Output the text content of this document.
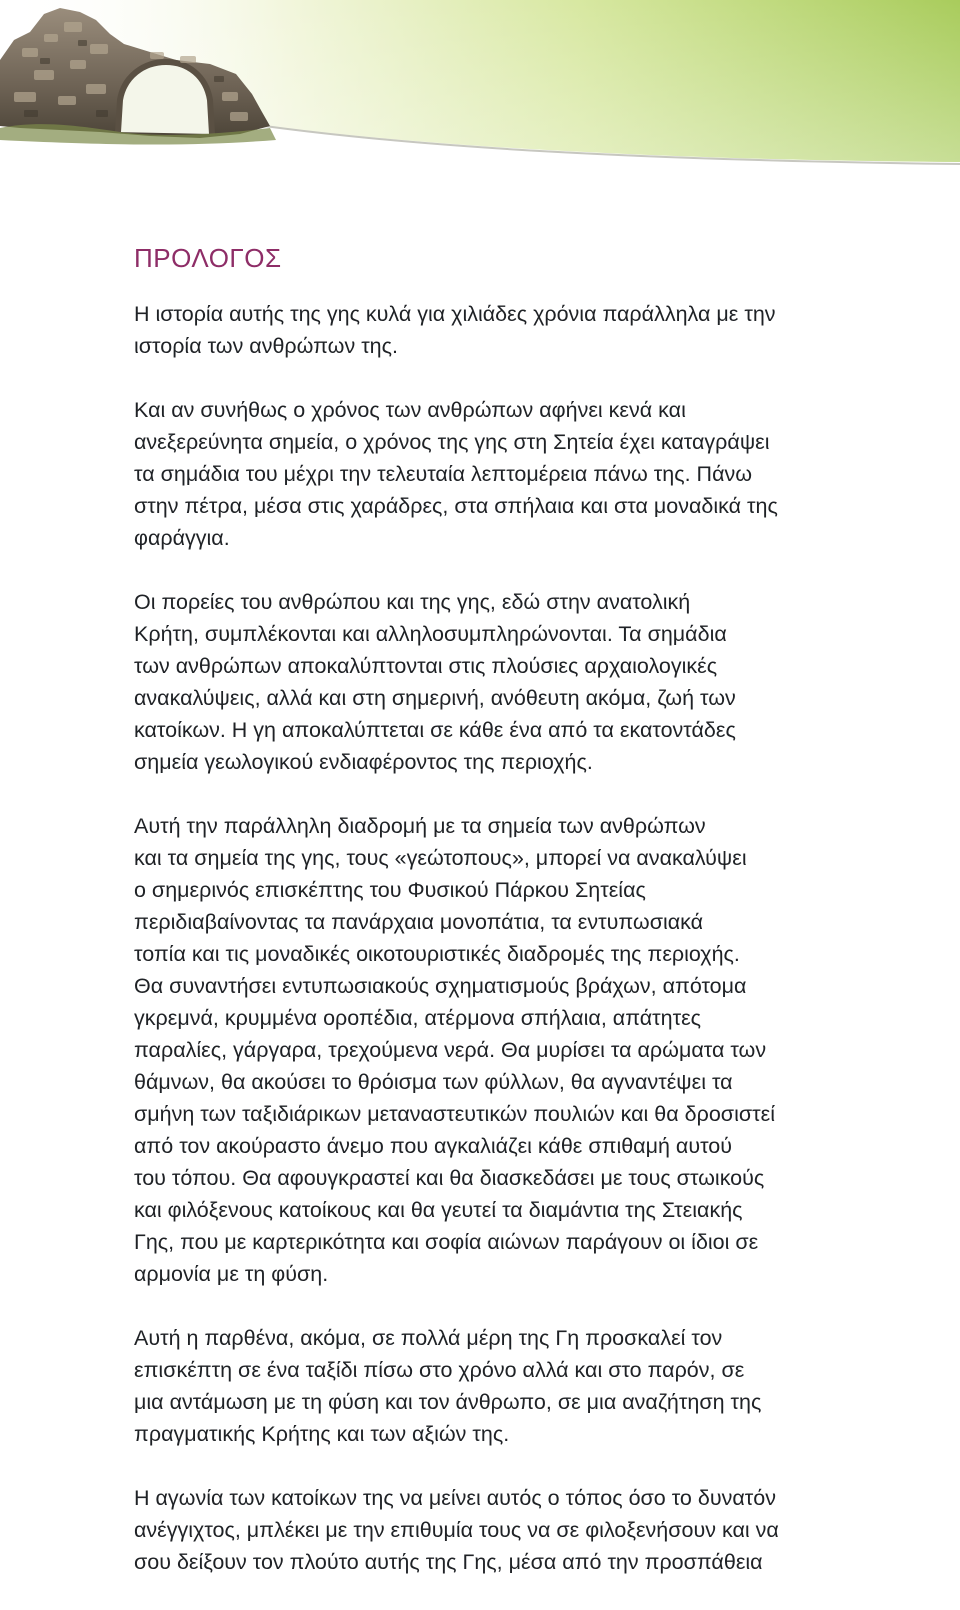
ΠΡΟΛΟΓΟΣ

Η ιστορία αυτής της γης κυλά για χιλιάδες χρόνια παράλληλα με την
ιστορία των ανθρώπων της.

Και αν συνήθως ο χρόνος των ανθρώπων αφήνει κενά και
ανεξερεύνητα σημεία, ο χρόνος της γης στη Σητεία έχει καταγράψει
τα σημάδια του μέχρι την τελευταία λεπτομέρεια πάνω της. Πάνω
στην πέτρα, μέσα στις χαράδρες, στα σπήλαια και στα μοναδικά της
φαράγγια.

Οι πορείες του ανθρώπου και της γης, εδώ στην ανατολική
Κρήτη, συμπλέκονται και αλληλοσυμπληρώνονται. Τα σημάδια
των ανθρώπων αποκαλύπτονται στις πλούσιες αρχαιολογικές
ανακαλύψεις, αλλά και στη σημερινή, ανόθευτη ακόμα, ζωή των
κατοίκων. Η γη αποκαλύπτεται σε κάθε ένα από τα εκατοντάδες
σημεία γεωλογικού ενδιαφέροντος της περιοχής.

Αυτή την παράλληλη διαδρομή με τα σημεία των ανθρώπων
και τα σημεία της γης, τους «γεώτοπους», μπορεί να ανακαλύψει
ο σημερινός επισκέπτης του Φυσικού Πάρκου Σητείας
περιδιαβαίνοντας τα πανάρχαια μονοπάτια, τα εντυπωσιακά
τοπία και τις μοναδικές οικοτουριστικές διαδρομές της περιοχής.
Θα συναντήσει εντυπωσιακούς σχηματισμούς βράχων, απότομα
γκρεμνά, κρυμμένα οροπέδια, ατέρμονα σπήλαια, απάτητες
παραλίες, γάργαρα, τρεχούμενα νερά. Θα μυρίσει τα αρώματα των
θάμνων, θα ακούσει το θρόισμα των φύλλων, θα αγναντέψει τα
σμήνη των ταξιδιάρικων μεταναστευτικών πουλιών και θα δροσιστεί
από τον ακούραστο άνεμο που αγκαλιάζει κάθε σπιθαμή αυτού
του τόπου. Θα αφουγκραστεί και θα διασκεδάσει με τους στωικούς
και φιλόξενους κατοίκους και θα γευτεί τα διαμάντια της Στειακής
Γης, που με καρτερικότητα και σοφία αιώνων παράγουν οι ίδιοι σε
αρμονία με τη φύση.

Αυτή η παρθένα, ακόμα, σε πολλά μέρη της Γη προσκαλεί τον
επισκέπτη σε ένα ταξίδι πίσω στο χρόνο αλλά και στο παρόν, σε
μια αντάμωση με τη φύση και τον άνθρωπο, σε μια αναζήτηση της
πραγματικής Κρήτης και των αξιών της.

Η αγωνία των κατοίκων της να μείνει αυτός ο τόπος όσο το δυνατόν
ανέγγιχτος, μπλέκει με την επιθυμία τους να σε φιλοξενήσουν και να
σου δείξουν τον πλούτο αυτής της Γης, μέσα από την προσπάθεια
